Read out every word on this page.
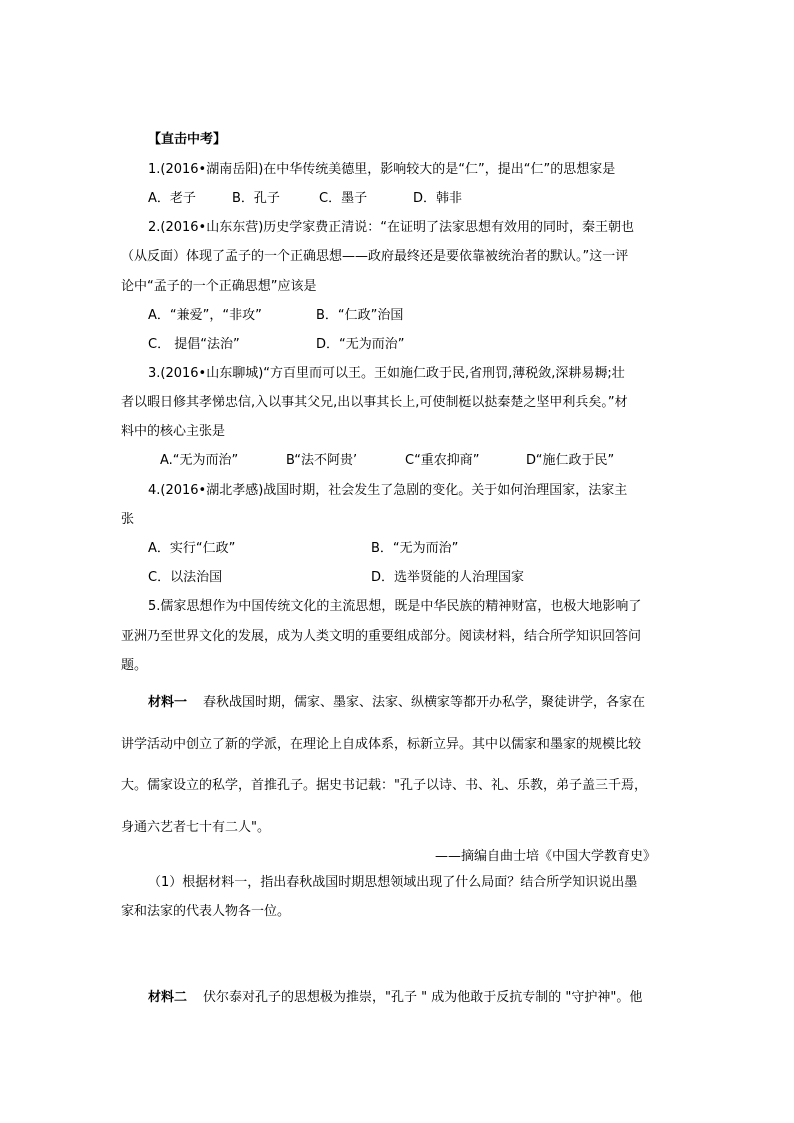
【直击中考】
1.(2016•湖南岳阳)在中华传统美德里，影响较大的是“仁”，提出“仁”的思想家是
A．老子	B．孔子	C．墨子	D．韩非
2.(2016•山东东营)历史学家费正清说：“在证明了法家思想有效用的同时，秦王朝也
（从反面）体现了孟子的一个正确思想——政府最终还是要依靠被统治者的默认。”这一评
论中“孟子的一个正确思想”应该是
A．“兼爱”，“非攻”	B．“仁政”治国
C． 提倡“法治”	D．“无为而治”
3.(2016•山东聊城)“方百里而可以王。王如施仁政于民,省刑罚,薄税敛,深耕易耨;壮
者以暇日修其孝悌忠信,入以事其父兄,出以事其长上,可使制梃以挞秦楚之坚甲利兵矣。”材
料中的核心主张是
A.“无为而治”	B“法不阿贵’	C“重农抑商”	D“施仁政于民”
4.(2016•湖北孝感)战国时期，社会发生了急剧的变化。关于如何治理国家，法家主
张
A．实行“仁政”	B．“无为而治”
C．以法治国	D．选举贤能的人治理国家
5.儒家思想作为中国传统文化的主流思想，既是中华民族的精神财富，也极大地影响了
亚洲乃至世界文化的发展，成为人类文明的重要组成部分。阅读材料，结合所学知识回答问
题。
材料一 春秋战国时期，儒家、墨家、法家、纵横家等都开办私学，聚徒讲学，各家在
讲学活动中创立了新的学派，在理论上自成体系，标新立异。其中以儒家和墨家的规模比较
大。儒家设立的私学，首推孔子。据史书记载："孔子以诗、书、礼、乐教，弟子盖三千焉，
身通六艺者七十有二人"。
——摘编自曲士培《中国大学教育史》
（1）根据材料一，指出春秋战国时期思想领域出现了什么局面？结合所学知识说出墨
家和法家的代表人物各一位。
材料二 伏尔泰对孔子的思想极为推崇，"孔子 " 成为他敢于反抗专制的 "守护神"。他
